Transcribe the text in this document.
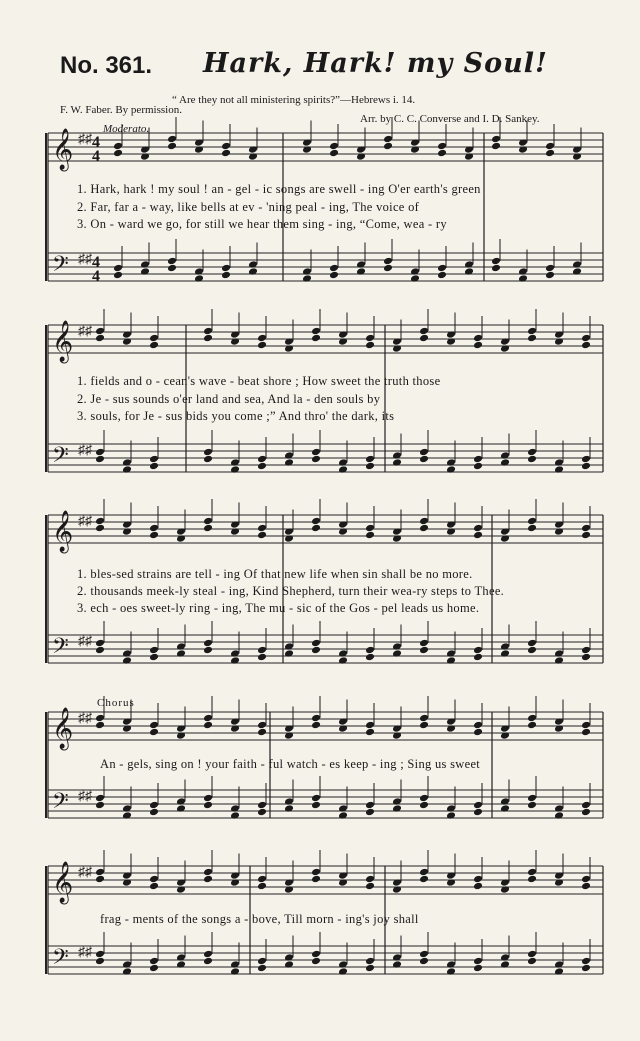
No. 361. Hark, Hark! my Soul!
“ Are they not all ministering spirits?”—Hebrews i. 14.
F. W. Faber. By permission.
Arr. by C. C. Converse and I. D. Sankey.
Moderato.
Chorus
𝄞 ♯♯
𝄢 ♯♯
𝄞 ♯♯
𝄢 ♯♯
𝄞 ♯♯
𝄢 ♯♯
𝄞 ♯♯
𝄢 ♯♯
𝄞 ♯♯
𝄢 ♯♯
4
4
4
4
1. Hark, hark ! my soul ! an - gel - ic songs are swell - ing O'er earth's green
2. Far, far a - way, like bells at ev - 'ning peal - ing, The voice of
3. On - ward we go, for still we hear them sing - ing, “Come, wea - ry
1. fields and o - cean's wave - beat shore ; How sweet the truth those
2. Je - sus sounds o'er land and sea, And la - den souls by
3. souls, for Je - sus bids you come ;” And thro' the dark, its
1. bles-sed strains are tell - ing Of that new life when sin shall be no more.
2. thousands meek-ly steal - ing, Kind Shepherd, turn their wea-ry steps to Thee.
3. ech - oes sweet-ly ring - ing, The mu - sic of the Gos - pel leads us home.
An - gels, sing on ! your faith - ful watch - es keep - ing ; Sing us sweet
frag - ments of the songs a - bove, Till morn - ing's joy shall
